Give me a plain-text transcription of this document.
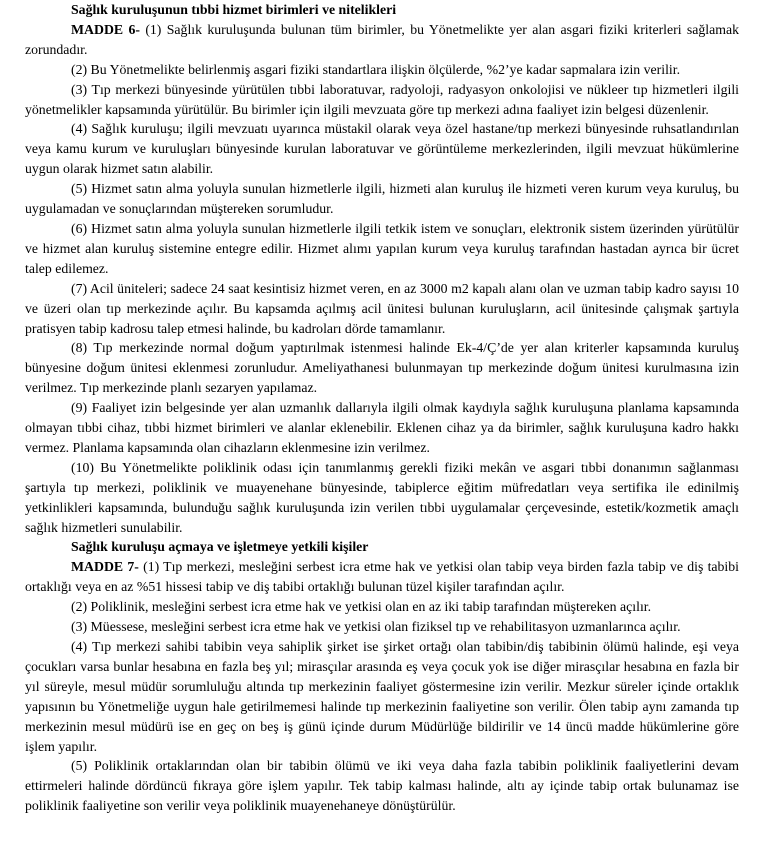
Sağlık kuruluşunun tıbbi hizmet birimleri ve nitelikleri

MADDE 6- (1) Sağlık kuruluşunda bulunan tüm birimler, bu Yönetmelikte yer alan asgari fiziki kriterleri sağlamak zorundadır.

(2) Bu Yönetmelikte belirlenmiş asgari fiziki standartlara ilişkin ölçülerde, %2’ye kadar sapmalara izin verilir.

(3) Tıp merkezi bünyesinde yürütülen tıbbi laboratuvar, radyoloji, radyasyon onkolojisi ve nükleer tıp hizmetleri ilgili yönetmelikler kapsamında yürütülür. Bu birimler için ilgili mevzuata göre tıp merkezi adına faaliyet izin belgesi düzenlenir.

(4) Sağlık kuruluşu; ilgili mevzuatı uyarınca müstakil olarak veya özel hastane/tıp merkezi bünyesinde ruhsatlandırılan veya kamu kurum ve kuruluşları bünyesinde kurulan laboratuvar ve görüntüleme merkezlerinden, ilgili mevzuat hükümlerine uygun olarak hizmet satın alabilir.

(5) Hizmet satın alma yoluyla sunulan hizmetlerle ilgili, hizmeti alan kuruluş ile hizmeti veren kurum veya kuruluş, bu uygulamadan ve sonuçlarından müştereken sorumludur.

(6) Hizmet satın alma yoluyla sunulan hizmetlerle ilgili tetkik istem ve sonuçları, elektronik sistem üzerinden yürütülür ve hizmet alan kuruluş sistemine entegre edilir. Hizmet alımı yapılan kurum veya kuruluş tarafından hastadan ayrıca bir ücret talep edilemez.

(7) Acil üniteleri; sadece 24 saat kesintisiz hizmet veren, en az 3000 m2 kapalı alanı olan ve uzman tabip kadro sayısı 10 ve üzeri olan tıp merkezinde açılır. Bu kapsamda açılmış acil ünitesi bulunan kuruluşların, acil ünitesinde çalışmak şartıyla pratisyen tabip kadrosu talep etmesi halinde, bu kadroları dörde tamamlanır.

(8) Tıp merkezinde normal doğum yaptırılmak istenmesi halinde Ek-4/Ç’de yer alan kriterler kapsamında kuruluş bünyesine doğum ünitesi eklenmesi zorunludur. Ameliyathanesi bulunmayan tıp merkezinde doğum ünitesi kurulmasına izin verilmez. Tıp merkezinde planlı sezaryen yapılamaz.

(9) Faaliyet izin belgesinde yer alan uzmanlık dallarıyla ilgili olmak kaydıyla sağlık kuruluşuna planlama kapsamında olmayan tıbbi cihaz, tıbbi hizmet birimleri ve alanlar eklenebilir. Eklenen cihaz ya da birimler, sağlık kuruluşuna kadro hakkı vermez. Planlama kapsamında olan cihazların eklenmesine izin verilmez.

(10) Bu Yönetmelikte poliklinik odası için tanımlanmış gerekli fiziki mekân ve asgari tıbbi donanımın sağlanması şartıyla tıp merkezi, poliklinik ve muayenehane bünyesinde, tabiplerce eğitim müfredatları veya sertifika ile edinilmiş yetkinlikleri kapsamında, bulunduğu sağlık kuruluşunda izin verilen tıbbi uygulamalar çerçevesinde, estetik/kozmetik amaçlı sağlık hizmetleri sunulabilir.

Sağlık kuruluşu açmaya ve işletmeye yetkili kişiler

MADDE 7- (1) Tıp merkezi, mesleğini serbest icra etme hak ve yetkisi olan tabip veya birden fazla tabip ve diş tabibi ortaklığı veya en az %51 hissesi tabip ve diş tabibi ortaklığı bulunan tüzel kişiler tarafından açılır.

(2) Poliklinik, mesleğini serbest icra etme hak ve yetkisi olan en az iki tabip tarafından müştereken açılır.

(3) Müessese, mesleğini serbest icra etme hak ve yetkisi olan fiziksel tıp ve rehabilitasyon uzmanlarınca açılır.

(4) Tıp merkezi sahibi tabibin veya sahiplik şirket ise şirket ortağı olan tabibin/diş tabibinin ölümü halinde, eşi veya çocukları varsa bunlar hesabına en fazla beş yıl; mirasçılar arasında eş veya çocuk yok ise diğer mirasçılar hesabına en fazla bir yıl süreyle, mesul müdür sorumluluğu altında tıp merkezinin faaliyet göstermesine izin verilir. Mezkur süreler içinde ortaklık yapısının bu Yönetmeliğe uygun hale getirilmemesi halinde tıp merkezinin faaliyetine son verilir. Ölen tabip aynı zamanda tıp merkezinin mesul müdürü ise en geç on beş iş günü içinde durum Müdürlüğe bildirilir ve 14 üncü madde hükümlerine göre işlem yapılır.

(5) Poliklinik ortaklarından olan bir tabibin ölümü ve iki veya daha fazla tabibin poliklinik faaliyetlerini devam ettirmeleri halinde dördüncü fıkraya göre işlem yapılır. Tek tabip kalması halinde, altı ay içinde tabip ortak bulunamaz ise poliklinik faaliyetine son verilir veya poliklinik muayenehaneye dönüştürülür.
